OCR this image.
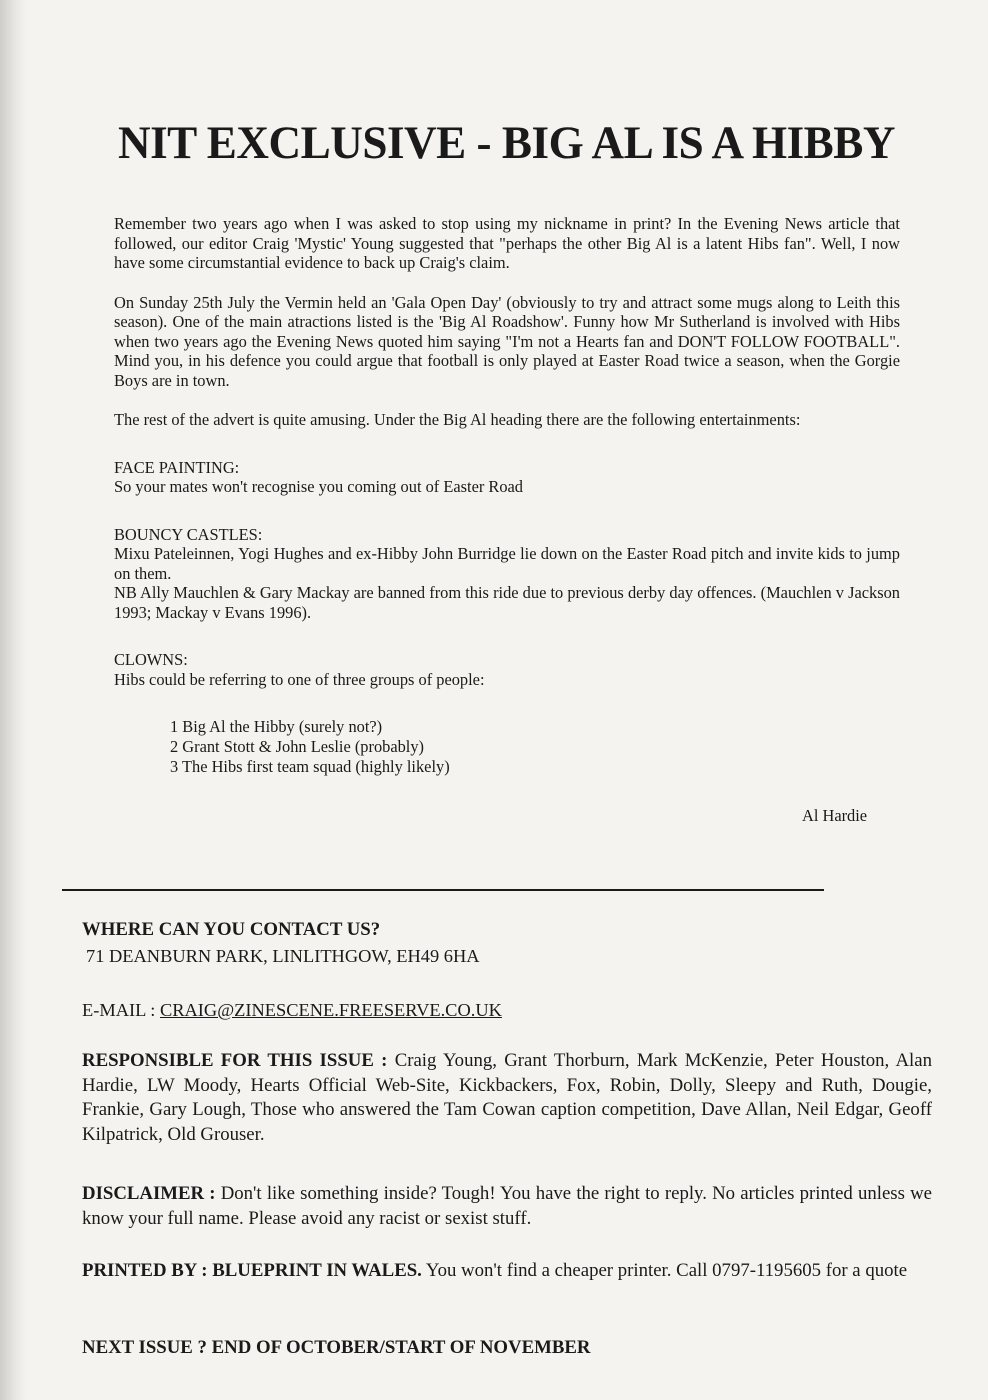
NIT EXCLUSIVE - BIG AL IS A HIBBY

Remember two years ago when I was asked to stop using my nickname in print? In the Evening News article that followed, our editor Craig 'Mystic' Young suggested that "perhaps the other Big Al is a latent Hibs fan". Well, I now have some circumstantial evidence to back up Craig's claim.

On Sunday 25th July the Vermin held an 'Gala Open Day' (obviously to try and attract some mugs along to Leith this season). One of the main atractions listed is the 'Big Al Roadshow'. Funny how Mr Sutherland is involved with Hibs when two years ago the Evening News quoted him saying "I'm not a Hearts fan and DON'T FOLLOW FOOTBALL". Mind you, in his defence you could argue that football is only played at Easter Road twice a season, when the Gorgie Boys are in town.

The rest of the advert is quite amusing. Under the Big Al heading there are the following entertainments:

FACE PAINTING:
So your mates won't recognise you coming out of Easter Road
BOUNCY CASTLES:
Mixu Pateleinnen, Yogi Hughes and ex-Hibby John Burridge lie down on the Easter Road pitch and invite kids to jump on them.
NB Ally Mauchlen & Gary Mackay are banned from this ride due to previous derby day offences. (Mauchlen v Jackson 1993; Mackay v Evans 1996).
CLOWNS:
Hibs could be referring to one of three groups of people:
1 Big Al the Hibby (surely not?)
2 Grant Stott & John Leslie (probably)
3 The Hibs first team squad (highly likely)
Al Hardie
WHERE CAN YOU CONTACT US?
71 DEANBURN PARK, LINLITHGOW, EH49 6HA
E-MAIL : CRAIG@ZINESCENE.FREESERVE.CO.UK
RESPONSIBLE FOR THIS ISSUE : Craig Young, Grant Thorburn, Mark McKenzie, Peter Houston, Alan Hardie, LW Moody, Hearts Official Web-Site, Kickbackers, Fox, Robin, Dolly, Sleepy and Ruth, Dougie, Frankie, Gary Lough, Those who answered the Tam Cowan caption competition, Dave Allan, Neil Edgar, Geoff Kilpatrick, Old Grouser.
DISCLAIMER : Don't like something inside? Tough! You have the right to reply. No articles printed unless we know your full name. Please avoid any racist or sexist stuff.
PRINTED BY : BLUEPRINT IN WALES. You won't find a cheaper printer. Call 0797-1195605 for a quote
NEXT ISSUE ? END OF OCTOBER/START OF NOVEMBER
